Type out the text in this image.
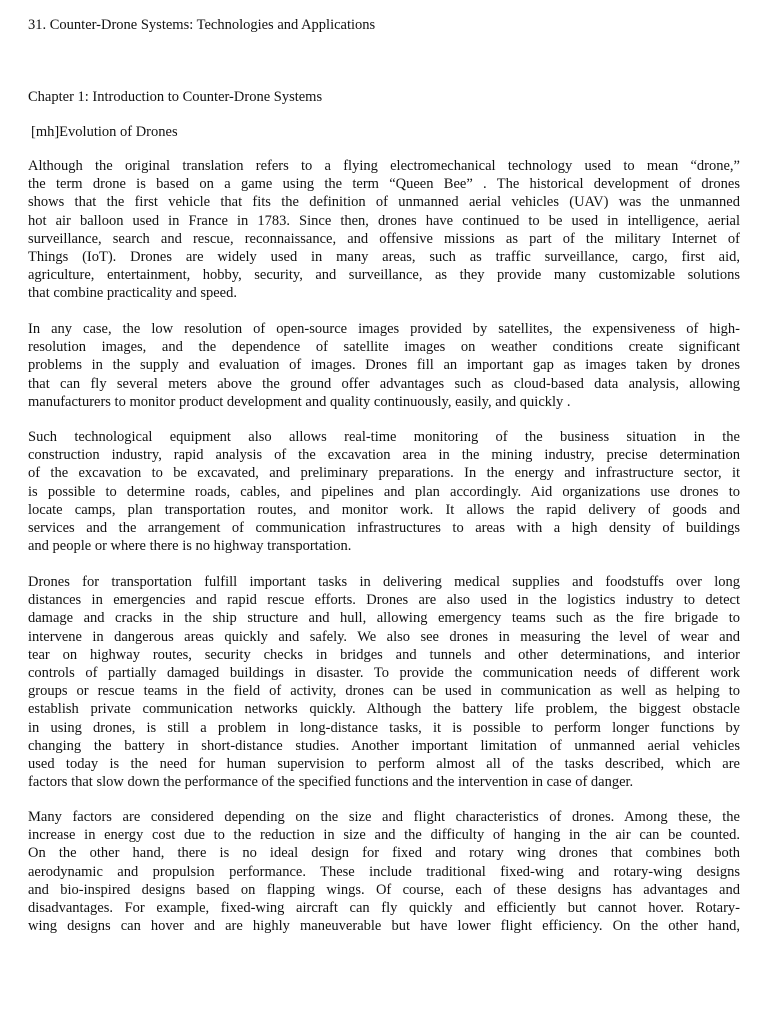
31. Counter-Drone Systems: Technologies and Applications
Chapter 1: Introduction to Counter-Drone Systems
[mh]Evolution of Drones
Although the original translation refers to a flying electromechanical technology used to mean “drone,”
the term drone is based on a game using the term “Queen Bee” . The historical development of drones
shows that the first vehicle that fits the definition of unmanned aerial vehicles (UAV) was the unmanned
hot air balloon used in France in 1783. Since then, drones have continued to be used in intelligence, aerial
surveillance, search and rescue, reconnaissance, and offensive missions as part of the military Internet of
Things (IoT). Drones are widely used in many areas, such as traffic surveillance, cargo, first aid,
agriculture, entertainment, hobby, security, and surveillance, as they provide many customizable solutions
that combine practicality and speed.
In any case, the low resolution of open-source images provided by satellites, the expensiveness of high-
resolution images, and the dependence of satellite images on weather conditions create significant
problems in the supply and evaluation of images. Drones fill an important gap as images taken by drones
that can fly several meters above the ground offer advantages such as cloud-based data analysis, allowing
manufacturers to monitor product development and quality continuously, easily, and quickly .
Such technological equipment also allows real-time monitoring of the business situation in the
construction industry, rapid analysis of the excavation area in the mining industry, precise determination
of the excavation to be excavated, and preliminary preparations. In the energy and infrastructure sector, it
is possible to determine roads, cables, and pipelines and plan accordingly. Aid organizations use drones to
locate camps, plan transportation routes, and monitor work. It allows the rapid delivery of goods and
services and the arrangement of communication infrastructures to areas with a high density of buildings
and people or where there is no highway transportation.
Drones for transportation fulfill important tasks in delivering medical supplies and foodstuffs over long
distances in emergencies and rapid rescue efforts. Drones are also used in the logistics industry to detect
damage and cracks in the ship structure and hull, allowing emergency teams such as the fire brigade to
intervene in dangerous areas quickly and safely. We also see drones in measuring the level of wear and
tear on highway routes, security checks in bridges and tunnels and other determinations, and interior
controls of partially damaged buildings in disaster. To provide the communication needs of different work
groups or rescue teams in the field of activity, drones can be used in communication as well as helping to
establish private communication networks quickly. Although the battery life problem, the biggest obstacle
in using drones, is still a problem in long-distance tasks, it is possible to perform longer functions by
changing the battery in short-distance studies. Another important limitation of unmanned aerial vehicles
used today is the need for human supervision to perform almost all of the tasks described, which are
factors that slow down the performance of the specified functions and the intervention in case of danger.
Many factors are considered depending on the size and flight characteristics of drones. Among these, the
increase in energy cost due to the reduction in size and the difficulty of hanging in the air can be counted.
On the other hand, there is no ideal design for fixed and rotary wing drones that combines both
aerodynamic and propulsion performance. These include traditional fixed-wing and rotary-wing designs
and bio-inspired designs based on flapping wings. Of course, each of these designs has advantages and
disadvantages. For example, fixed-wing aircraft can fly quickly and efficiently but cannot hover. Rotary-
wing designs can hover and are highly maneuverable but have lower flight efficiency. On the other hand,
